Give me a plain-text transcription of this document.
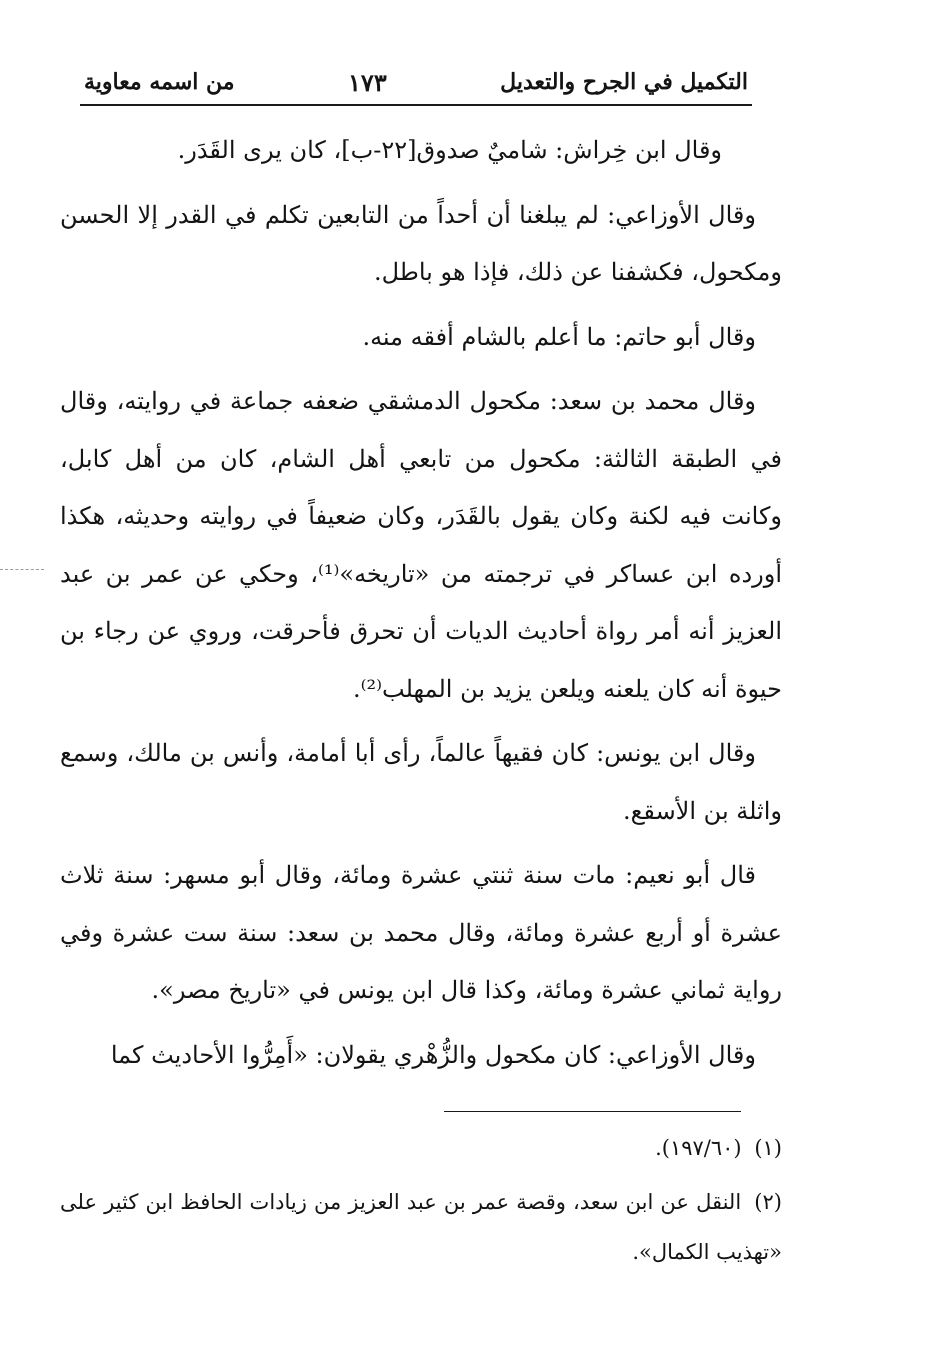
التكميل في الجرح والتعديل
١٧٣
من اسمه معاوية

وقال ابن خِراش: شاميٌ صدوق[٢٢-ب]، كان يرى القَدَر.

وقال الأوزاعي: لم يبلغنا أن أحداً من التابعين تكلم في القدر إلا الحسن ومكحول، فكشفنا عن ذلك، فإذا هو باطل.

وقال أبو حاتم: ما أعلم بالشام أفقه منه.

وقال محمد بن سعد: مكحول الدمشقي ضعفه جماعة في روايته، وقال في الطبقة الثالثة: مكحول من تابعي أهل الشام، كان من أهل كابل، وكانت فيه لكنة وكان يقول بالقَدَر، وكان ضعيفاً في روايته وحديثه، هكذا أورده ابن عساكر في ترجمته من «تاريخه»⁽¹⁾، وحكي عن عمر بن عبد العزيز أنه أمر رواة أحاديث الديات أن تحرق فأحرقت، وروي عن رجاء بن حيوة أنه كان يلعنه ويلعن يزيد بن المهلب⁽²⁾.

وقال ابن يونس: كان فقيهاً عالماً، رأى أبا أمامة، وأنس بن مالك، وسمع واثلة بن الأسقع.

قال أبو نعيم: مات سنة ثنتي عشرة ومائة، وقال أبو مسهر: سنة ثلاث عشرة أو أربع عشرة ومائة، وقال محمد بن سعد: سنة ست عشرة وفي رواية ثماني عشرة ومائة، وكذا قال ابن يونس في «تاريخ مصر».

وقال الأوزاعي: كان مكحول والزُّهْري يقولان: «أَمِرُّوا الأحاديث كما

(١) (١٩٧/٦٠).

(٢) النقل عن ابن سعد، وقصة عمر بن عبد العزيز من زيادات الحافظ ابن كثير على «تهذيب الكمال».
